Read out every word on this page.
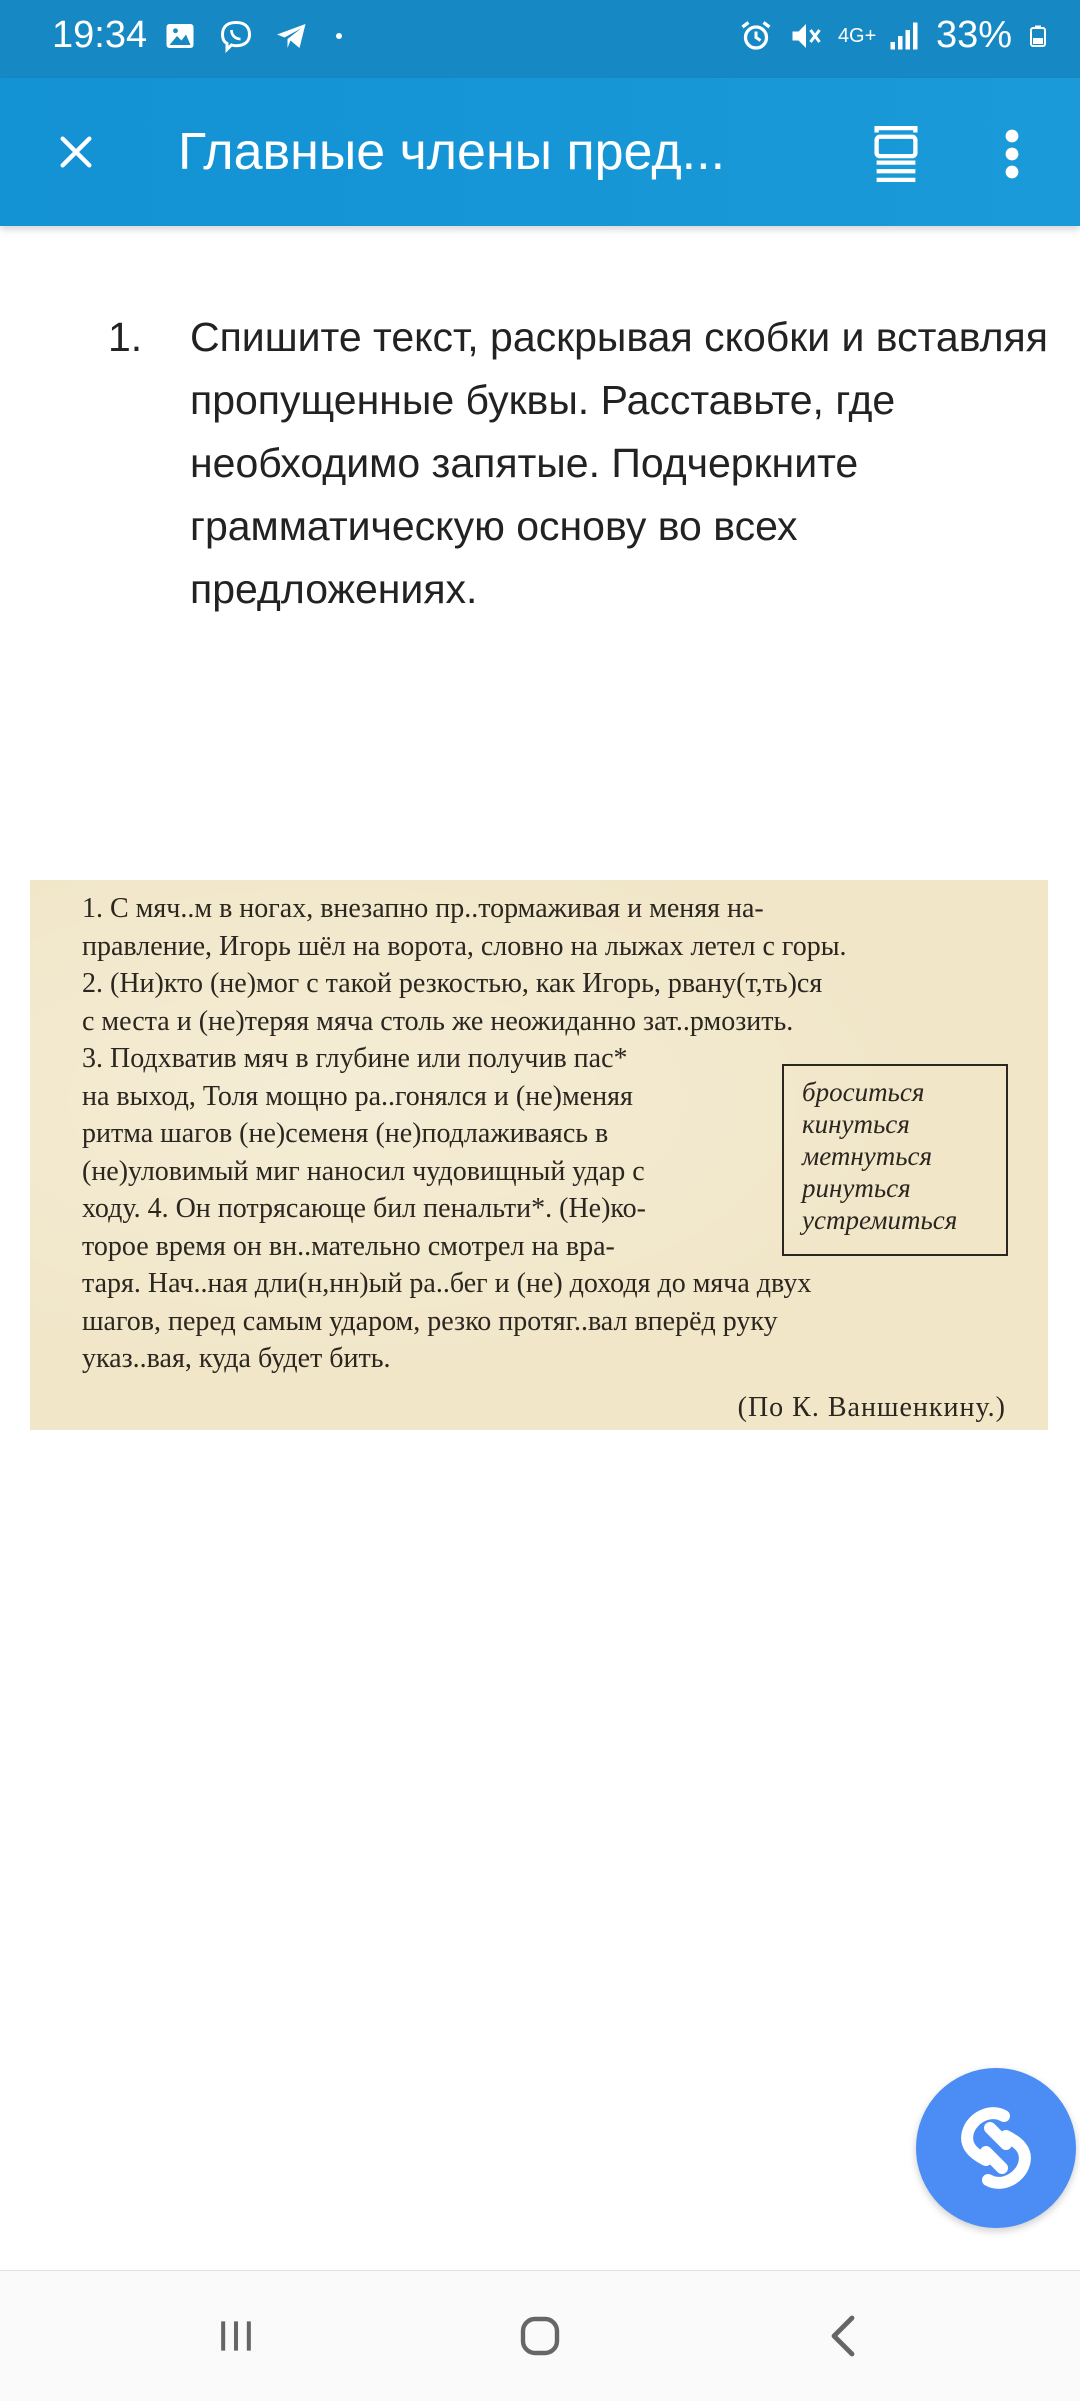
19:34	4G+ 33%
Главные члены пред...
1.	Спишите текст, раскрывая скобки и вставляя пропущенные буквы. Расставьте, где необходимо запятые. Подчеркните грамматическую основу во всех предложениях.
1. С мяч..м в ногах, внезапно пр..тормаживая и меняя на-
правление, Игорь шёл на ворота, словно на лыжах летел с горы.
2. (Ни)кто (не)мог с такой резкостью, как Игорь, рвану(т,ть)ся
с места и (не)теряя мяча столь же неожиданно зат..рмозить.
3. Подхватив мяч в глубине или получив пас*
на выход, Толя мощно ра..гонялся и (не)меняя
ритма шагов (не)семеня (не)подлаживаясь в
(не)уловимый миг наносил чудовищный удар с
ходу. 4. Он потрясающе бил пенальти*. (Не)ко-
торое время он вн..мательно смотрел на вра-
таря. Нач..ная дли(н,нн)ый ра..бег и (не) доходя до мяча двух
шагов, перед самым ударом, резко протяг..вал вперёд руку
указ..вая, куда будет бить.
броситься
кинуться
метнуться
ринуться
устремиться
(По К. Ваншенкину.)
